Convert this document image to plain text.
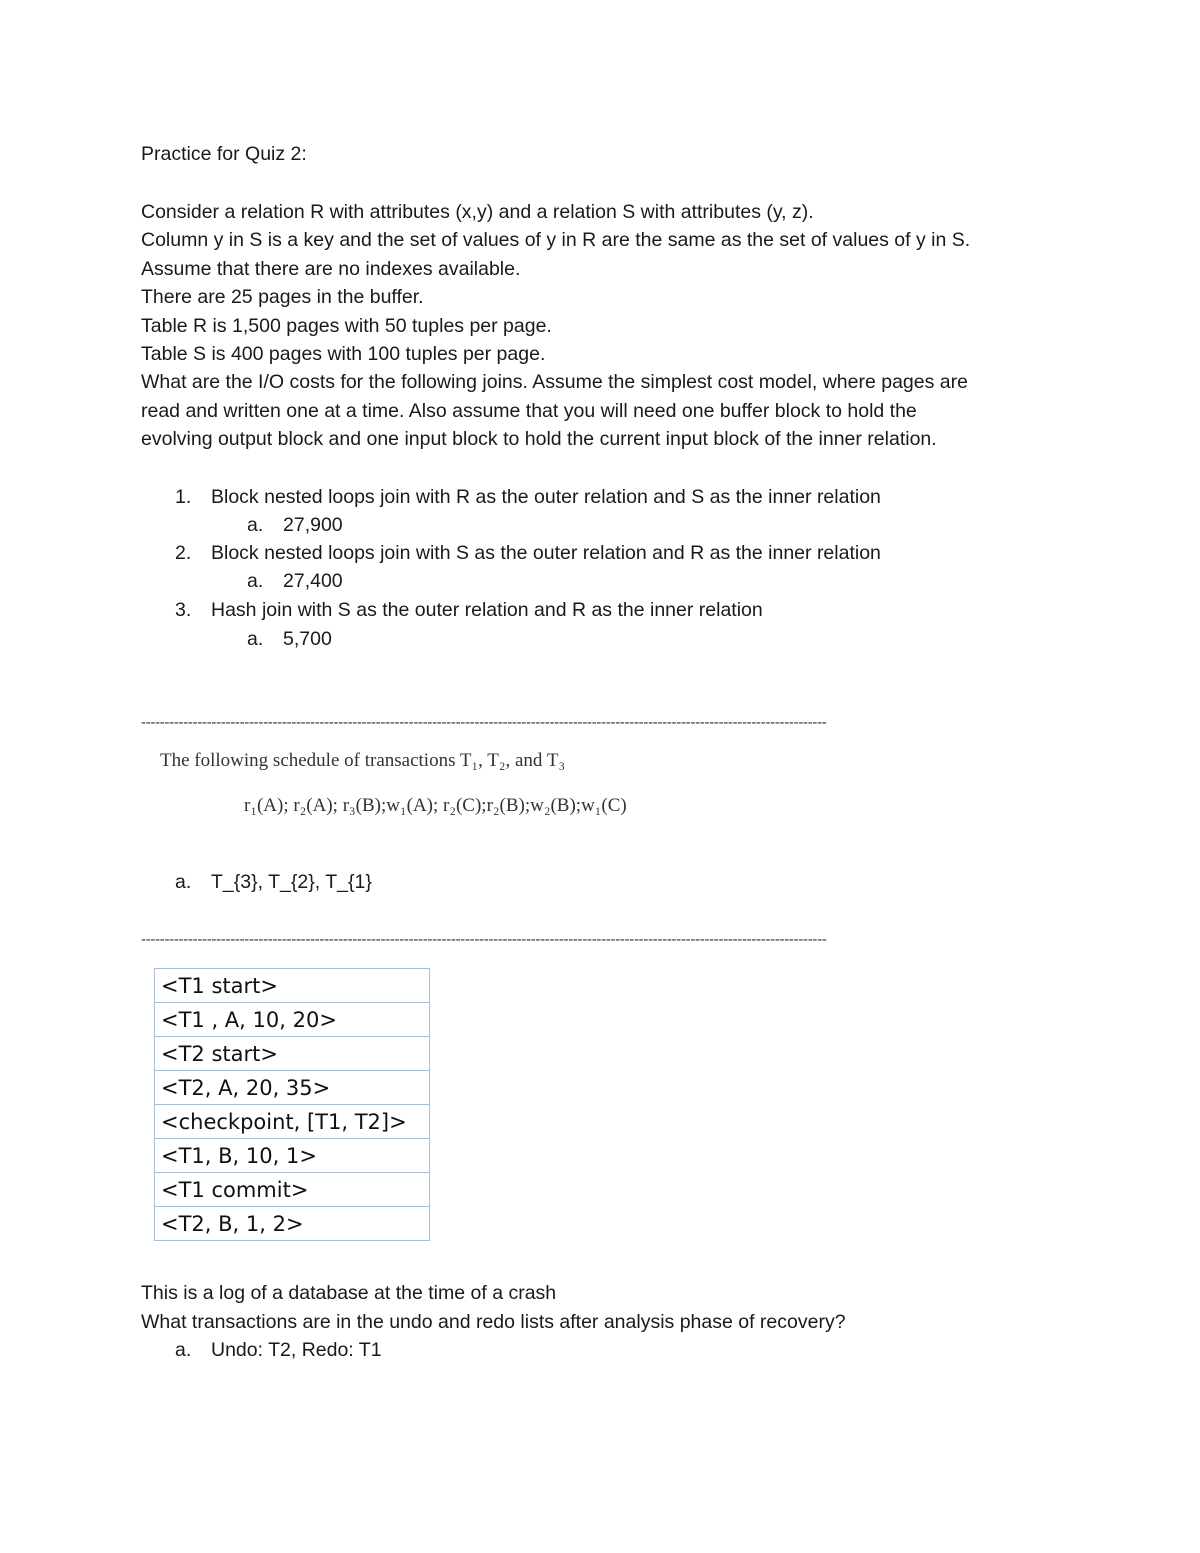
Practice for Quiz 2:
Consider a relation R with attributes (x,y) and a relation S with attributes (y, z).
Column y in S is a key and the set of values of y in R are the same as the set of values of y in S.
Assume that there are no indexes available.
There are 25 pages in the buffer.
Table R is 1,500 pages with 50 tuples per page.
Table S is 400 pages with 100 tuples per page.
What are the I/O costs for the following joins. Assume the simplest cost model, where pages are
read and written one at a time. Also assume that you will need one buffer block to hold the
evolving output block and one input block to hold the current input block of the inner relation.
1. Block nested loops join with R as the outer relation and S as the inner relation
a. 27,900
2. Block nested loops join with S as the outer relation and R as the inner relation
a. 27,400
3. Hash join with S as the outer relation and R as the inner relation
a. 5,700
--------------------------------------------------------------------------------------------------------------------------------------------------
The following schedule of transactions T₁, T₂, and T₃
r₁(A); r₂(A); r₃(B);w₁(A); r₂(C);r₂(B);w₂(B);w₁(C)
a. T_{3}, T_{2}, T_{1}
--------------------------------------------------------------------------------------------------------------------------------------------------
<T1 start>
<T1 , A, 10, 20>
<T2 start>
<T2, A, 20, 35>
<checkpoint, [T1, T2]>
<T1, B, 10, 1>
<T1 commit>
<T2, B, 1, 2>
This is a log of a database at the time of a crash
What transactions are in the undo and redo lists after analysis phase of recovery?
a. Undo: T2, Redo: T1
